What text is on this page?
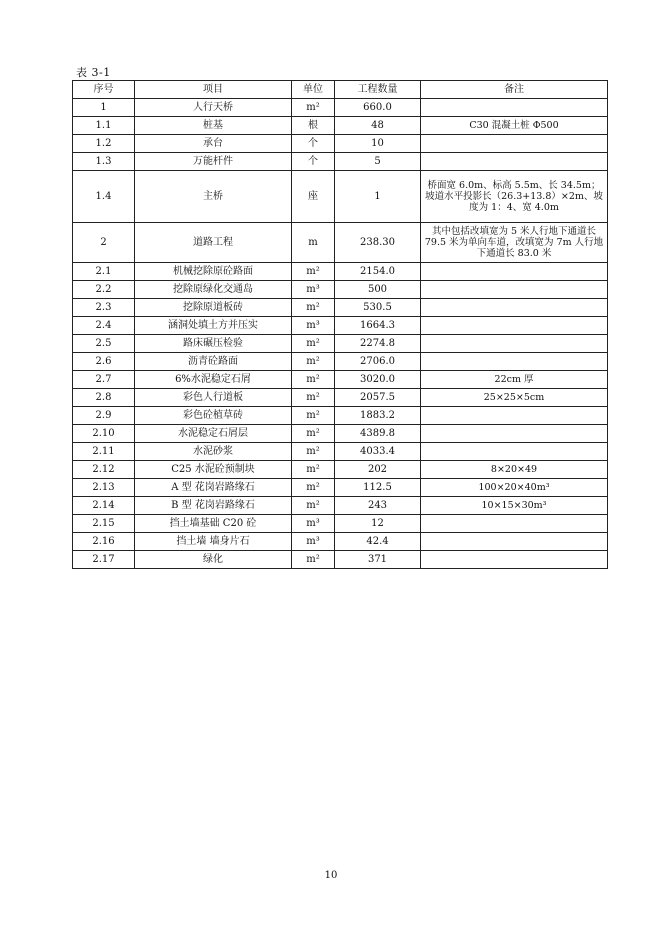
表 3-1
序号	项目	单位	工程数量	备注
1	人行天桥	m²	660.0	
1.1	桩基	根	48	C30 混凝土桩 Φ500
1.2	承台	个	10	
1.3	万能杆件	个	5	
1.4	主桥	座	1	桥面宽 6.0m、标高 5.5m、长 34.5m；坡道水平投影长（26.3+13.8）×2m、坡度为 1：4、宽 4.0m
2	道路工程	m	238.30	其中包括改填宽为 5 米人行地下通道长 79.5 米为单向车道，改填宽为 7m 人行地下通道长 83.0 米
2.1	机械挖除原砼路面	m²	2154.0	
2.2	挖除原绿化交通岛	m³	500	
2.3	挖除原道板砖	m²	530.5	
2.4	涵洞处填土方并压实	m³	1664.3	
2.5	路床碾压检验	m²	2274.8	
2.6	沥青砼路面	m²	2706.0	
2.7	6%水泥稳定石屑	m²	3020.0	22cm 厚
2.8	彩色人行道板	m²	2057.5	25×25×5cm
2.9	彩色砼植草砖	m²	1883.2	
2.10	水泥稳定石屑层	m²	4389.8	
2.11	水泥砂浆	m²	4033.4	
2.12	C25 水泥砼预制块	m²	202	8×20×49
2.13	A 型 花岗岩路缘石	m²	112.5	100×20×40m³
2.14	B 型 花岗岩路缘石	m²	243	10×15×30m³
2.15	挡土墙基础 C20 砼	m³	12	
2.16	挡土墙 墙身片石	m³	42.4	
2.17	绿化	m²	371	
10
